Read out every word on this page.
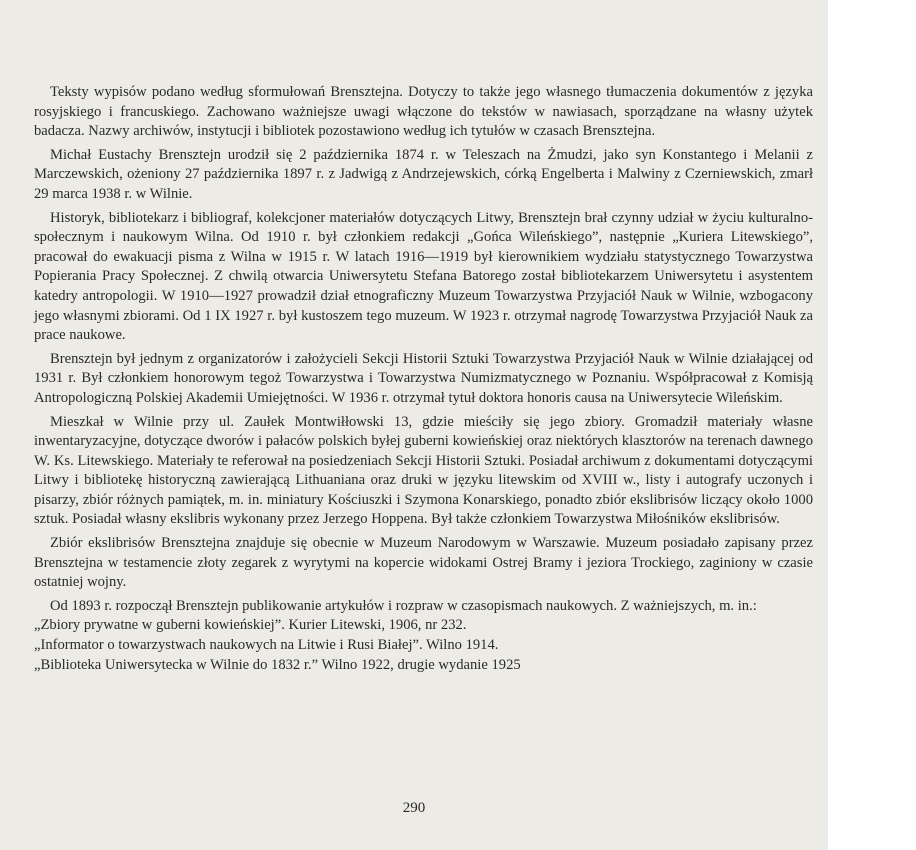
Teksty wypisów podano według sformułowań Brensztejna. Dotyczy to także jego własnego tłumaczenia dokumentów z języka rosyjskiego i francuskiego. Zachowano ważniejsze uwagi włączone do tekstów w nawiasach, sporządzane na własny użytek badacza. Nazwy archiwów, instytucji i bibliotek pozostawiono według ich tytułów w czasach Brensztejna.

Michał Eustachy Brensztejn urodził się 2 października 1874 r. w Teleszach na Żmudzi, jako syn Konstantego i Melanii z Marczewskich, ożeniony 27 października 1897 r. z Jadwigą z Andrzejewskich, córką Engelberta i Malwiny z Czerniewskich, zmarł 29 marca 1938 r. w Wilnie.

Historyk, bibliotekarz i bibliograf, kolekcjoner materiałów dotyczących Litwy, Brensztejn brał czynny udział w życiu kulturalno-społecznym i naukowym Wilna. Od 1910 r. był członkiem redakcji „Gońca Wileńskiego”, następnie „Kuriera Litewskiego”, pracował do ewakuacji pisma z Wilna w 1915 r. W latach 1916—1919 był kierownikiem wydziału statystycznego Towarzystwa Popierania Pracy Społecznej. Z chwilą otwarcia Uniwersytetu Stefana Batorego został bibliotekarzem Uniwersytetu i asystentem katedry antropologii. W 1910—1927 prowadził dział etnograficzny Muzeum Towarzystwa Przyjaciół Nauk w Wilnie, wzbogacony jego własnymi zbiorami. Od 1 IX 1927 r. był kustoszem tego muzeum. W 1923 r. otrzymał nagrodę Towarzystwa Przyjaciół Nauk za prace naukowe.

Brensztejn był jednym z organizatorów i założycieli Sekcji Historii Sztuki Towarzystwa Przyjaciół Nauk w Wilnie działającej od 1931 r. Był członkiem honorowym tegoż Towarzystwa i Towarzystwa Numizmatycznego w Poznaniu. Współpracował z Komisją Antropologiczną Polskiej Akademii Umiejętności. W 1936 r. otrzymał tytuł doktora honoris causa na Uniwersytecie Wileńskim.

Mieszkał w Wilnie przy ul. Zaułek Montwiłłowski 13, gdzie mieściły się jego zbiory. Gromadził materiały własne inwentaryzacyjne, dotyczące dworów i pałaców polskich byłej guberni kowieńskiej oraz niektórych klasztorów na terenach dawnego W. Ks. Litewskiego. Materiały te referował na posiedzeniach Sekcji Historii Sztuki. Posiadał archiwum z dokumentami dotyczącymi Litwy i bibliotekę historyczną zawierającą Lithuaniana oraz druki w języku litewskim od XVIII w., listy i autografy uczonych i pisarzy, zbiór różnych pamiątek, m. in. miniatury Kościuszki i Szymona Konarskiego, ponadto zbiór ekslibrisów liczący około 1000 sztuk. Posiadał własny ekslibris wykonany przez Jerzego Hoppena. Był także członkiem Towarzystwa Miłośników ekslibrisów.

Zbiór ekslibrisów Brensztejna znajduje się obecnie w Muzeum Narodowym w Warszawie. Muzeum posiadało zapisany przez Brensztejna w testamencie złoty zegarek z wyrytymi na kopercie widokami Ostrej Bramy i jeziora Trockiego, zaginiony w czasie ostatniej wojny.

Od 1893 r. rozpoczął Brensztejn publikowanie artykułów i rozpraw w czasopismach naukowych. Z ważniejszych, m. in.:

„Zbiory prywatne w guberni kowieńskiej”. Kurier Litewski, 1906, nr 232.

„Informator o towarzystwach naukowych na Litwie i Rusi Białej”. Wilno 1914.

„Biblioteka Uniwersytecka w Wilnie do 1832 r.” Wilno 1922, drugie wydanie 1925

290
